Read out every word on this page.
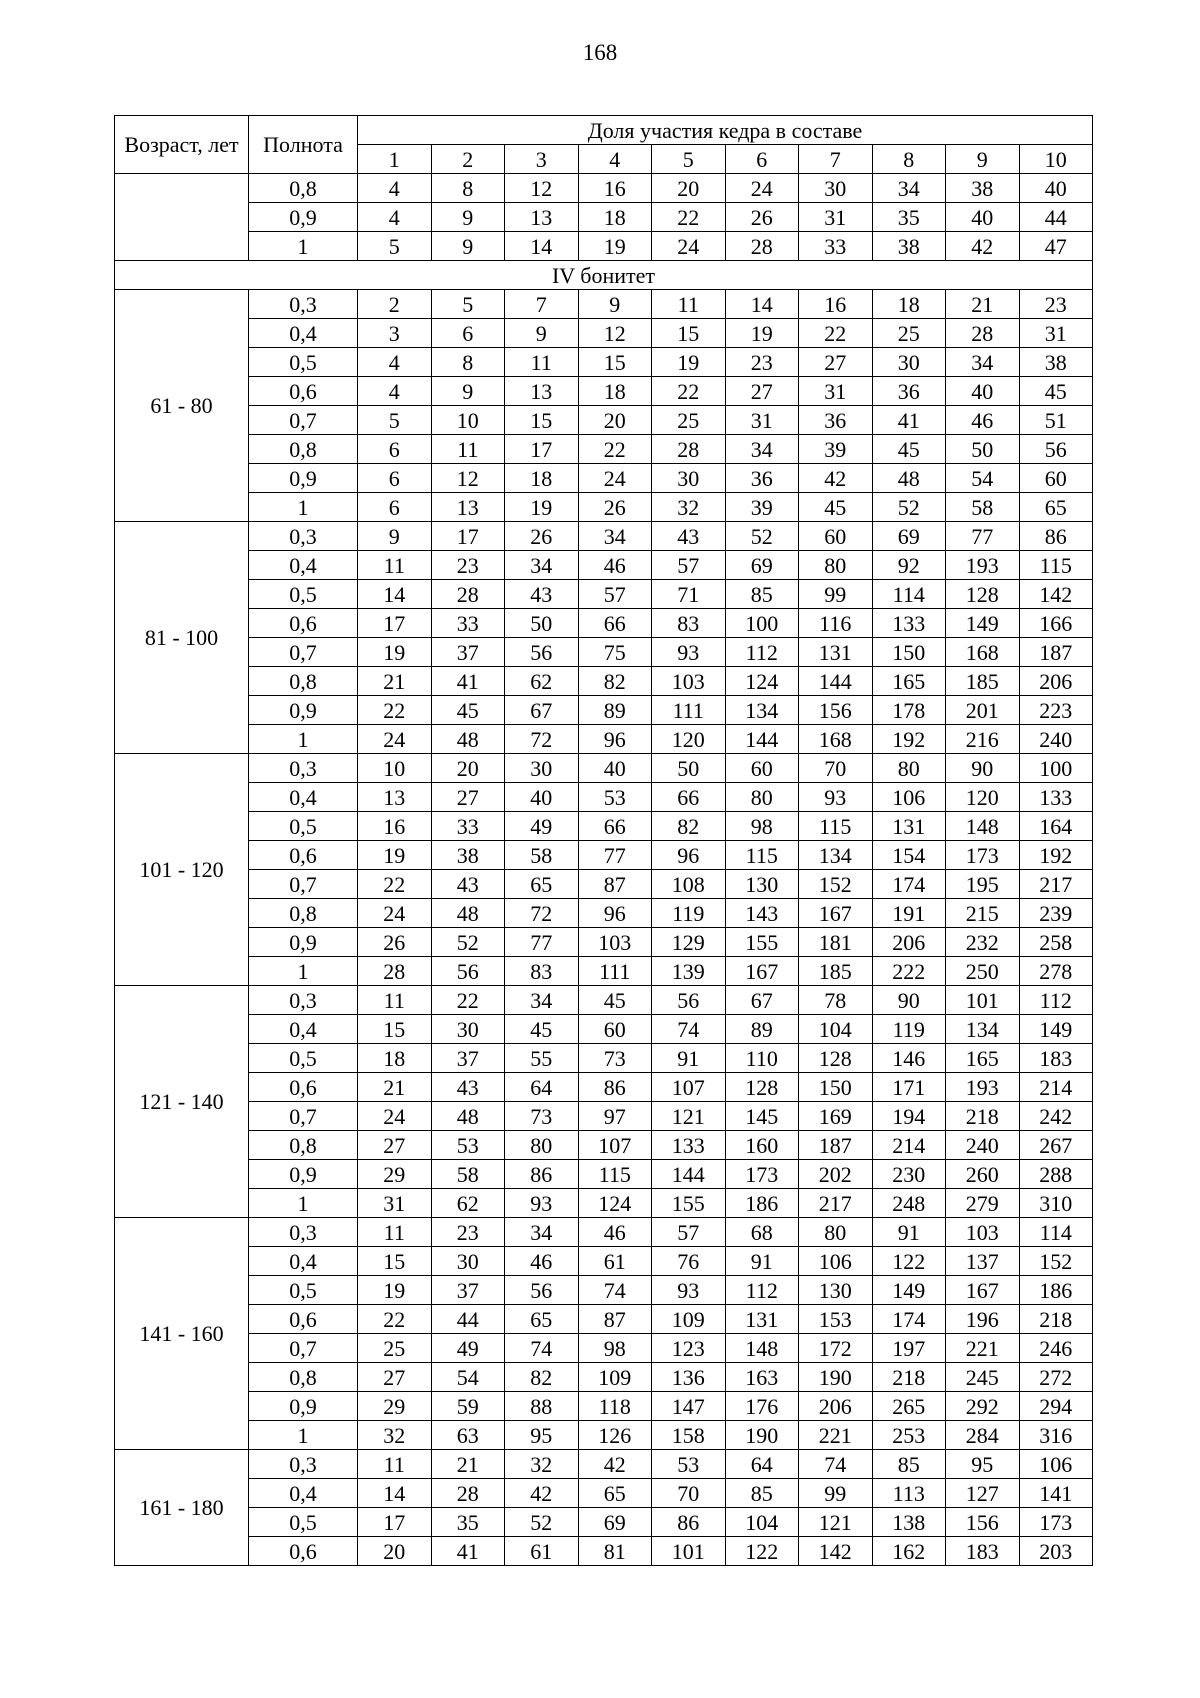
168
Возраст, лет	Полнота	Доля участия кедра в составе									
		1	2	3	4	5	6	7	8	9	10
	0,8	4	8	12	16	20	24	30	34	38	40
	0,9	4	9	13	18	22	26	31	35	40	44
	1	5	9	14	19	24	28	33	38	42	47
IV бонитет											
61 - 80	0,3	2	5	7	9	11	14	16	18	21	23
	0,4	3	6	9	12	15	19	22	25	28	31
	0,5	4	8	11	15	19	23	27	30	34	38
	0,6	4	9	13	18	22	27	31	36	40	45
	0,7	5	10	15	20	25	31	36	41	46	51
	0,8	6	11	17	22	28	34	39	45	50	56
	0,9	6	12	18	24	30	36	42	48	54	60
	1	6	13	19	26	32	39	45	52	58	65
81 - 100	0,3	9	17	26	34	43	52	60	69	77	86
	0,4	11	23	34	46	57	69	80	92	193	115
	0,5	14	28	43	57	71	85	99	114	128	142
	0,6	17	33	50	66	83	100	116	133	149	166
	0,7	19	37	56	75	93	112	131	150	168	187
	0,8	21	41	62	82	103	124	144	165	185	206
	0,9	22	45	67	89	111	134	156	178	201	223
	1	24	48	72	96	120	144	168	192	216	240
101 - 120	0,3	10	20	30	40	50	60	70	80	90	100
	0,4	13	27	40	53	66	80	93	106	120	133
	0,5	16	33	49	66	82	98	115	131	148	164
	0,6	19	38	58	77	96	115	134	154	173	192
	0,7	22	43	65	87	108	130	152	174	195	217
	0,8	24	48	72	96	119	143	167	191	215	239
	0,9	26	52	77	103	129	155	181	206	232	258
	1	28	56	83	111	139	167	185	222	250	278
121 - 140	0,3	11	22	34	45	56	67	78	90	101	112
	0,4	15	30	45	60	74	89	104	119	134	149
	0,5	18	37	55	73	91	110	128	146	165	183
	0,6	21	43	64	86	107	128	150	171	193	214
	0,7	24	48	73	97	121	145	169	194	218	242
	0,8	27	53	80	107	133	160	187	214	240	267
	0,9	29	58	86	115	144	173	202	230	260	288
	1	31	62	93	124	155	186	217	248	279	310
141 - 160	0,3	11	23	34	46	57	68	80	91	103	114
	0,4	15	30	46	61	76	91	106	122	137	152
	0,5	19	37	56	74	93	112	130	149	167	186
	0,6	22	44	65	87	109	131	153	174	196	218
	0,7	25	49	74	98	123	148	172	197	221	246
	0,8	27	54	82	109	136	163	190	218	245	272
	0,9	29	59	88	118	147	176	206	265	292	294
	1	32	63	95	126	158	190	221	253	284	316
161 - 180	0,3	11	21	32	42	53	64	74	85	95	106
	0,4	14	28	42	65	70	85	99	113	127	141
	0,5	17	35	52	69	86	104	121	138	156	173
	0,6	20	41	61	81	101	122	142	162	183	203
